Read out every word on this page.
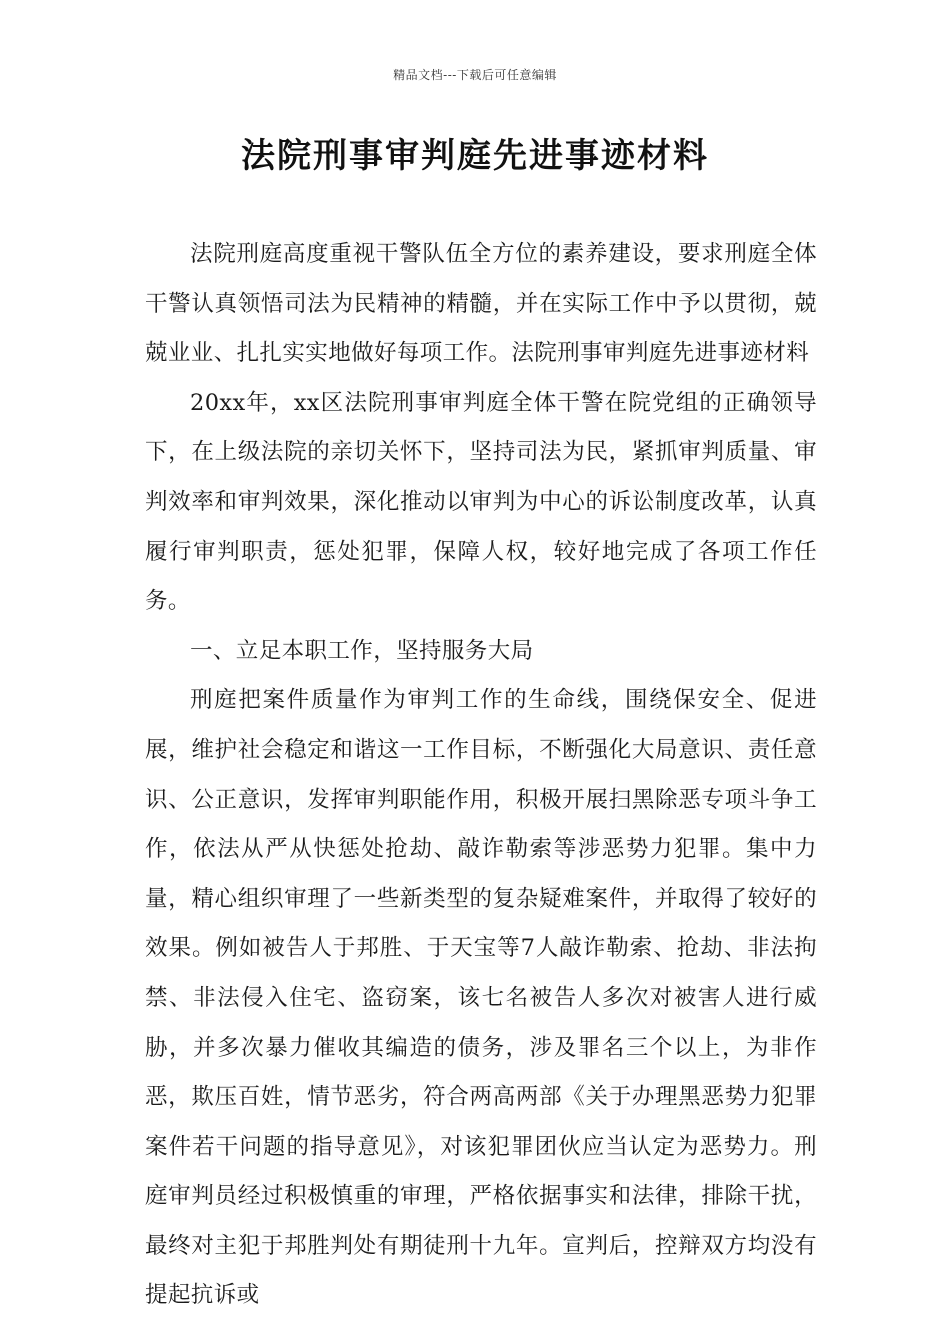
精品文档---下载后可任意编辑
法院刑事审判庭先进事迹材料

法院刑庭高度重视干警队伍全方位的素养建设，要求刑庭全体干警认真领悟司法为民精神的精髓，并在实际工作中予以贯彻，兢兢业业、扎扎实实地做好每项工作。法院刑事审判庭先进事迹材料

20xx年，xx区法院刑事审判庭全体干警在院党组的正确领导下，在上级法院的亲切关怀下，坚持司法为民，紧抓审判质量、审判效率和审判效果，深化推动以审判为中心的诉讼制度改革，认真履行审判职责，惩处犯罪，保障人权，较好地完成了各项工作任务。

一、立足本职工作，坚持服务大局

刑庭把案件质量作为审判工作的生命线，围绕保安全、促进展，维护社会稳定和谐这一工作目标，不断强化大局意识、责任意识、公正意识，发挥审判职能作用，积极开展扫黑除恶专项斗争工作，依法从严从快惩处抢劫、敲诈勒索等涉恶势力犯罪。集中力量，精心组织审理了一些新类型的复杂疑难案件，并取得了较好的效果。例如被告人于邦胜、于天宝等7人敲诈勒索、抢劫、非法拘禁、非法侵入住宅、盗窃案，该七名被告人多次对被害人进行威胁，并多次暴力催收其编造的债务，涉及罪名三个以上，为非作恶，欺压百姓，情节恶劣，符合两高两部《关于办理黑恶势力犯罪案件若干问题的指导意见》，对该犯罪团伙应当认定为恶势力。刑庭审判员经过积极慎重的审理，严格依据事实和法律，排除干扰，最终对主犯于邦胜判处有期徒刑十九年。宣判后，控辩双方均没有提起抗诉或
